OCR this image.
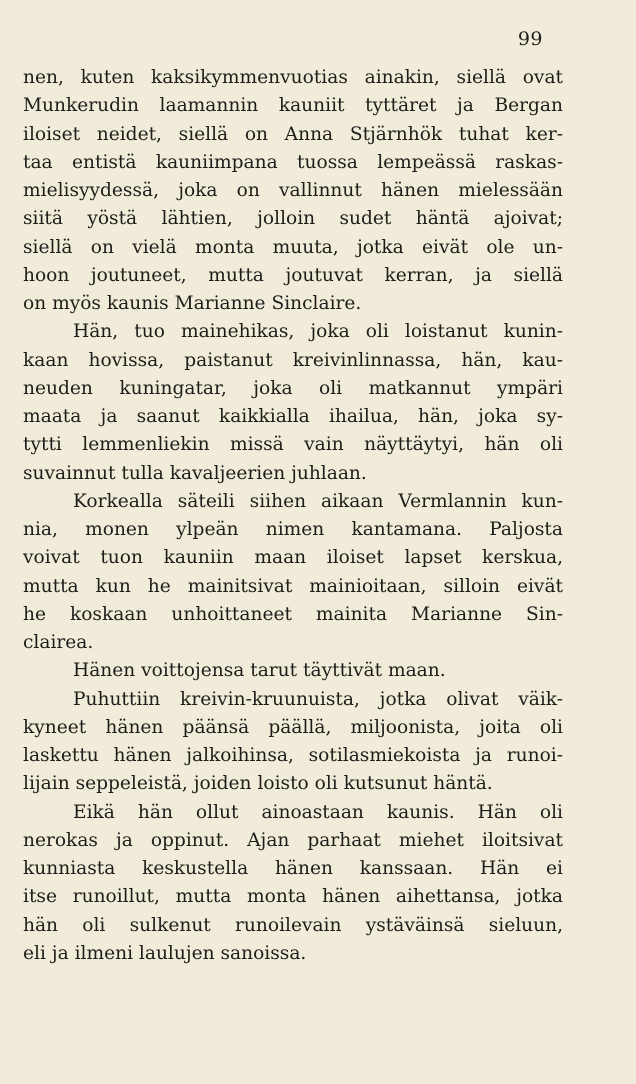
99

nen, kuten kaksikymmenvuotias ainakin, siellä ovat
Munkerudin laamannin kauniit tyttäret ja Bergan
iloiset neidet, siellä on Anna Stjärnhök tuhat ker-
taa entistä kauniimpana tuossa lempeässä raskas-
mielisyydessä, joka on vallinnut hänen mielessään
siitä yöstä lähtien, jolloin sudet häntä ajoivat;
siellä on vielä monta muuta, jotka eivät ole un-
hoon joutuneet, mutta joutuvat kerran, ja siellä
on myös kaunis Marianne Sinclaire.

Hän, tuo mainehikas, joka oli loistanut kunin-
kaan hovissa, paistanut kreivinlinnassa, hän, kau-
neuden kuningatar, joka oli matkannut ympäri
maata ja saanut kaikkialla ihailua, hän, joka sy-
tytti lemmenliekin missä vain näyttäytyi, hän oli
suvainnut tulla kavaljeerien juhlaan.

Korkealla säteili siihen aikaan Vermlannin kun-
nia, monen ylpeän nimen kantamana. Paljosta
voivat tuon kauniin maan iloiset lapset kerskua,
mutta kun he mainitsivat mainioitaan, silloin eivät
he koskaan unhoittaneet mainita Marianne Sin-
clairea.

Hänen voittojensa tarut täyttivät maan.

Puhuttiin kreivin-kruunuista, jotka olivat väik-
kyneet hänen päänsä päällä, miljoonista, joita oli
laskettu hänen jalkoihinsa, sotilasmiekoista ja runoi-
lijain seppeleistä, joiden loisto oli kutsunut häntä.

Eikä hän ollut ainoastaan kaunis. Hän oli
nerokas ja oppinut. Ajan parhaat miehet iloitsivat
kunniasta keskustella hänen kanssaan. Hän ei
itse runoillut, mutta monta hänen aihettansa, jotka
hän oli sulkenut runoilevain ystäväinsä sieluun,
eli ja ilmeni laulujen sanoissa.
